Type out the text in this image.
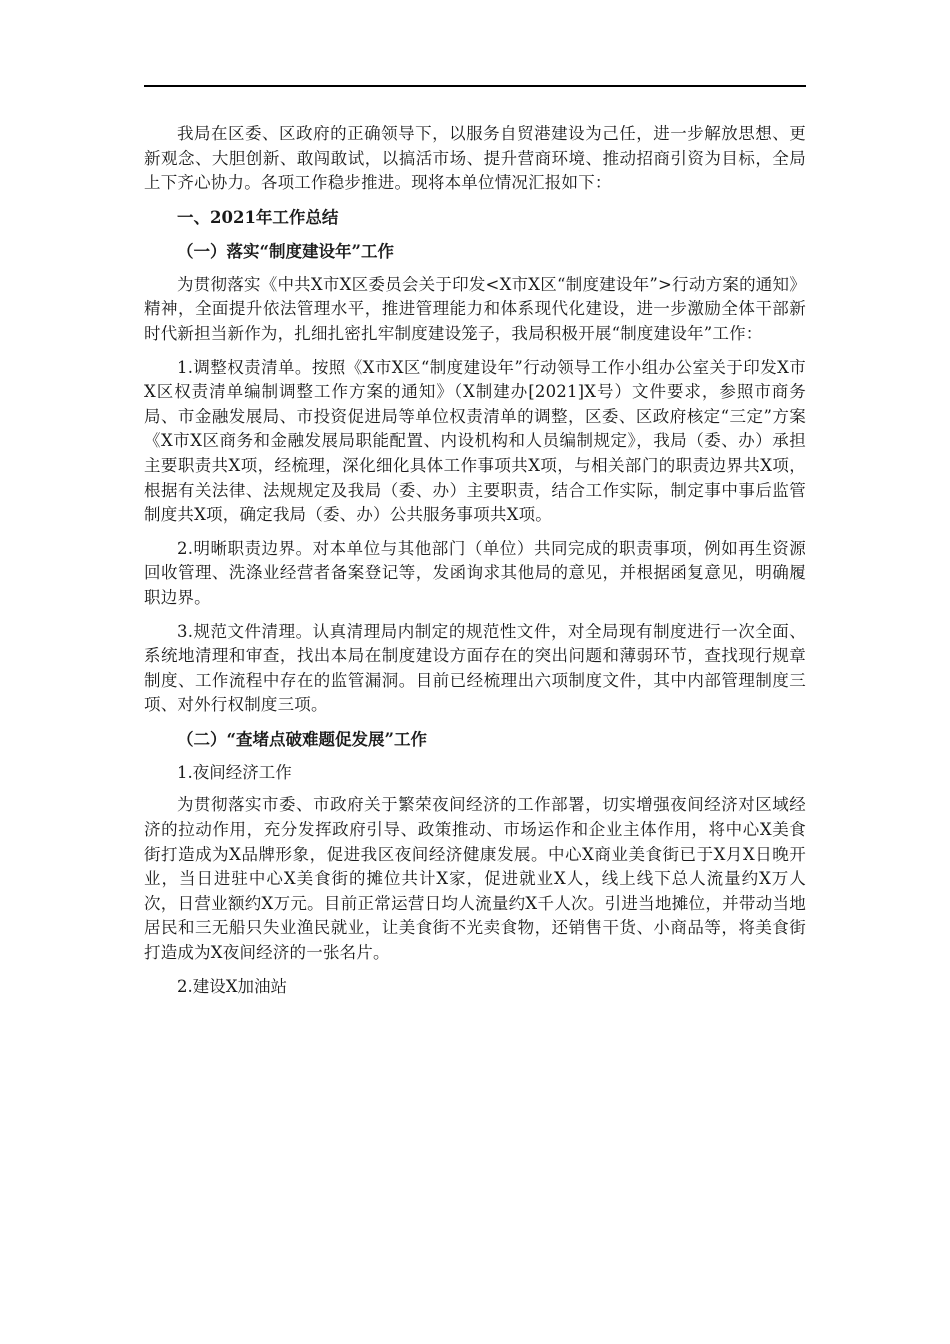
我局在区委、区政府的正确领导下，以服务自贸港建设为己任，进一步解放思想、更新观念、大胆创新、敢闯敢试，以搞活市场、提升营商环境、推动招商引资为目标，全局上下齐心协力。各项工作稳步推进。现将本单位情况汇报如下：

一、2021年工作总结

（一）落实“制度建设年”工作

为贯彻落实《中共X市X区委员会关于印发<X市X区“制度建设年”>行动方案的通知》精神，全面提升依法管理水平，推进管理能力和体系现代化建设，进一步激励全体干部新时代新担当新作为，扎细扎密扎牢制度建设笼子，我局积极开展“制度建设年”工作：

1.调整权责清单。按照《X市X区“制度建设年”行动领导工作小组办公室关于印发X市X区权责清单编制调整工作方案的通知》（X制建办[2021]X号）文件要求，参照市商务局、市金融发展局、市投资促进局等单位权责清单的调整，区委、区政府核定“三定”方案《X市X区商务和金融发展局职能配置、内设机构和人员编制规定》，我局（委、办）承担主要职责共X项，经梳理，深化细化具体工作事项共X项，与相关部门的职责边界共X项，根据有关法律、法规规定及我局（委、办）主要职责，结合工作实际，制定事中事后监管制度共X项，确定我局（委、办）公共服务事项共X项。

2.明晰职责边界。对本单位与其他部门（单位）共同完成的职责事项，例如再生资源回收管理、洗涤业经营者备案登记等，发函询求其他局的意见，并根据函复意见，明确履职边界。

3.规范文件清理。认真清理局内制定的规范性文件，对全局现有制度进行一次全面、系统地清理和审查，找出本局在制度建设方面存在的突出问题和薄弱环节，查找现行规章制度、工作流程中存在的监管漏洞。目前已经梳理出六项制度文件，其中内部管理制度三项、对外行权制度三项。

（二）“查堵点破难题促发展”工作

1.夜间经济工作

为贯彻落实市委、市政府关于繁荣夜间经济的工作部署，切实增强夜间经济对区域经济的拉动作用，充分发挥政府引导、政策推动、市场运作和企业主体作用，将中心X美食街打造成为X品牌形象，促进我区夜间经济健康发展。中心X商业美食街已于X月X日晚开业，当日进驻中心X美食街的摊位共计X家，促进就业X人，线上线下总人流量约X万人次，日营业额约X万元。目前正常运营日均人流量约X千人次。引进当地摊位，并带动当地居民和三无船只失业渔民就业，让美食街不光卖食物，还销售干货、小商品等，将美食街打造成为X夜间经济的一张名片。

2.建设X加油站
